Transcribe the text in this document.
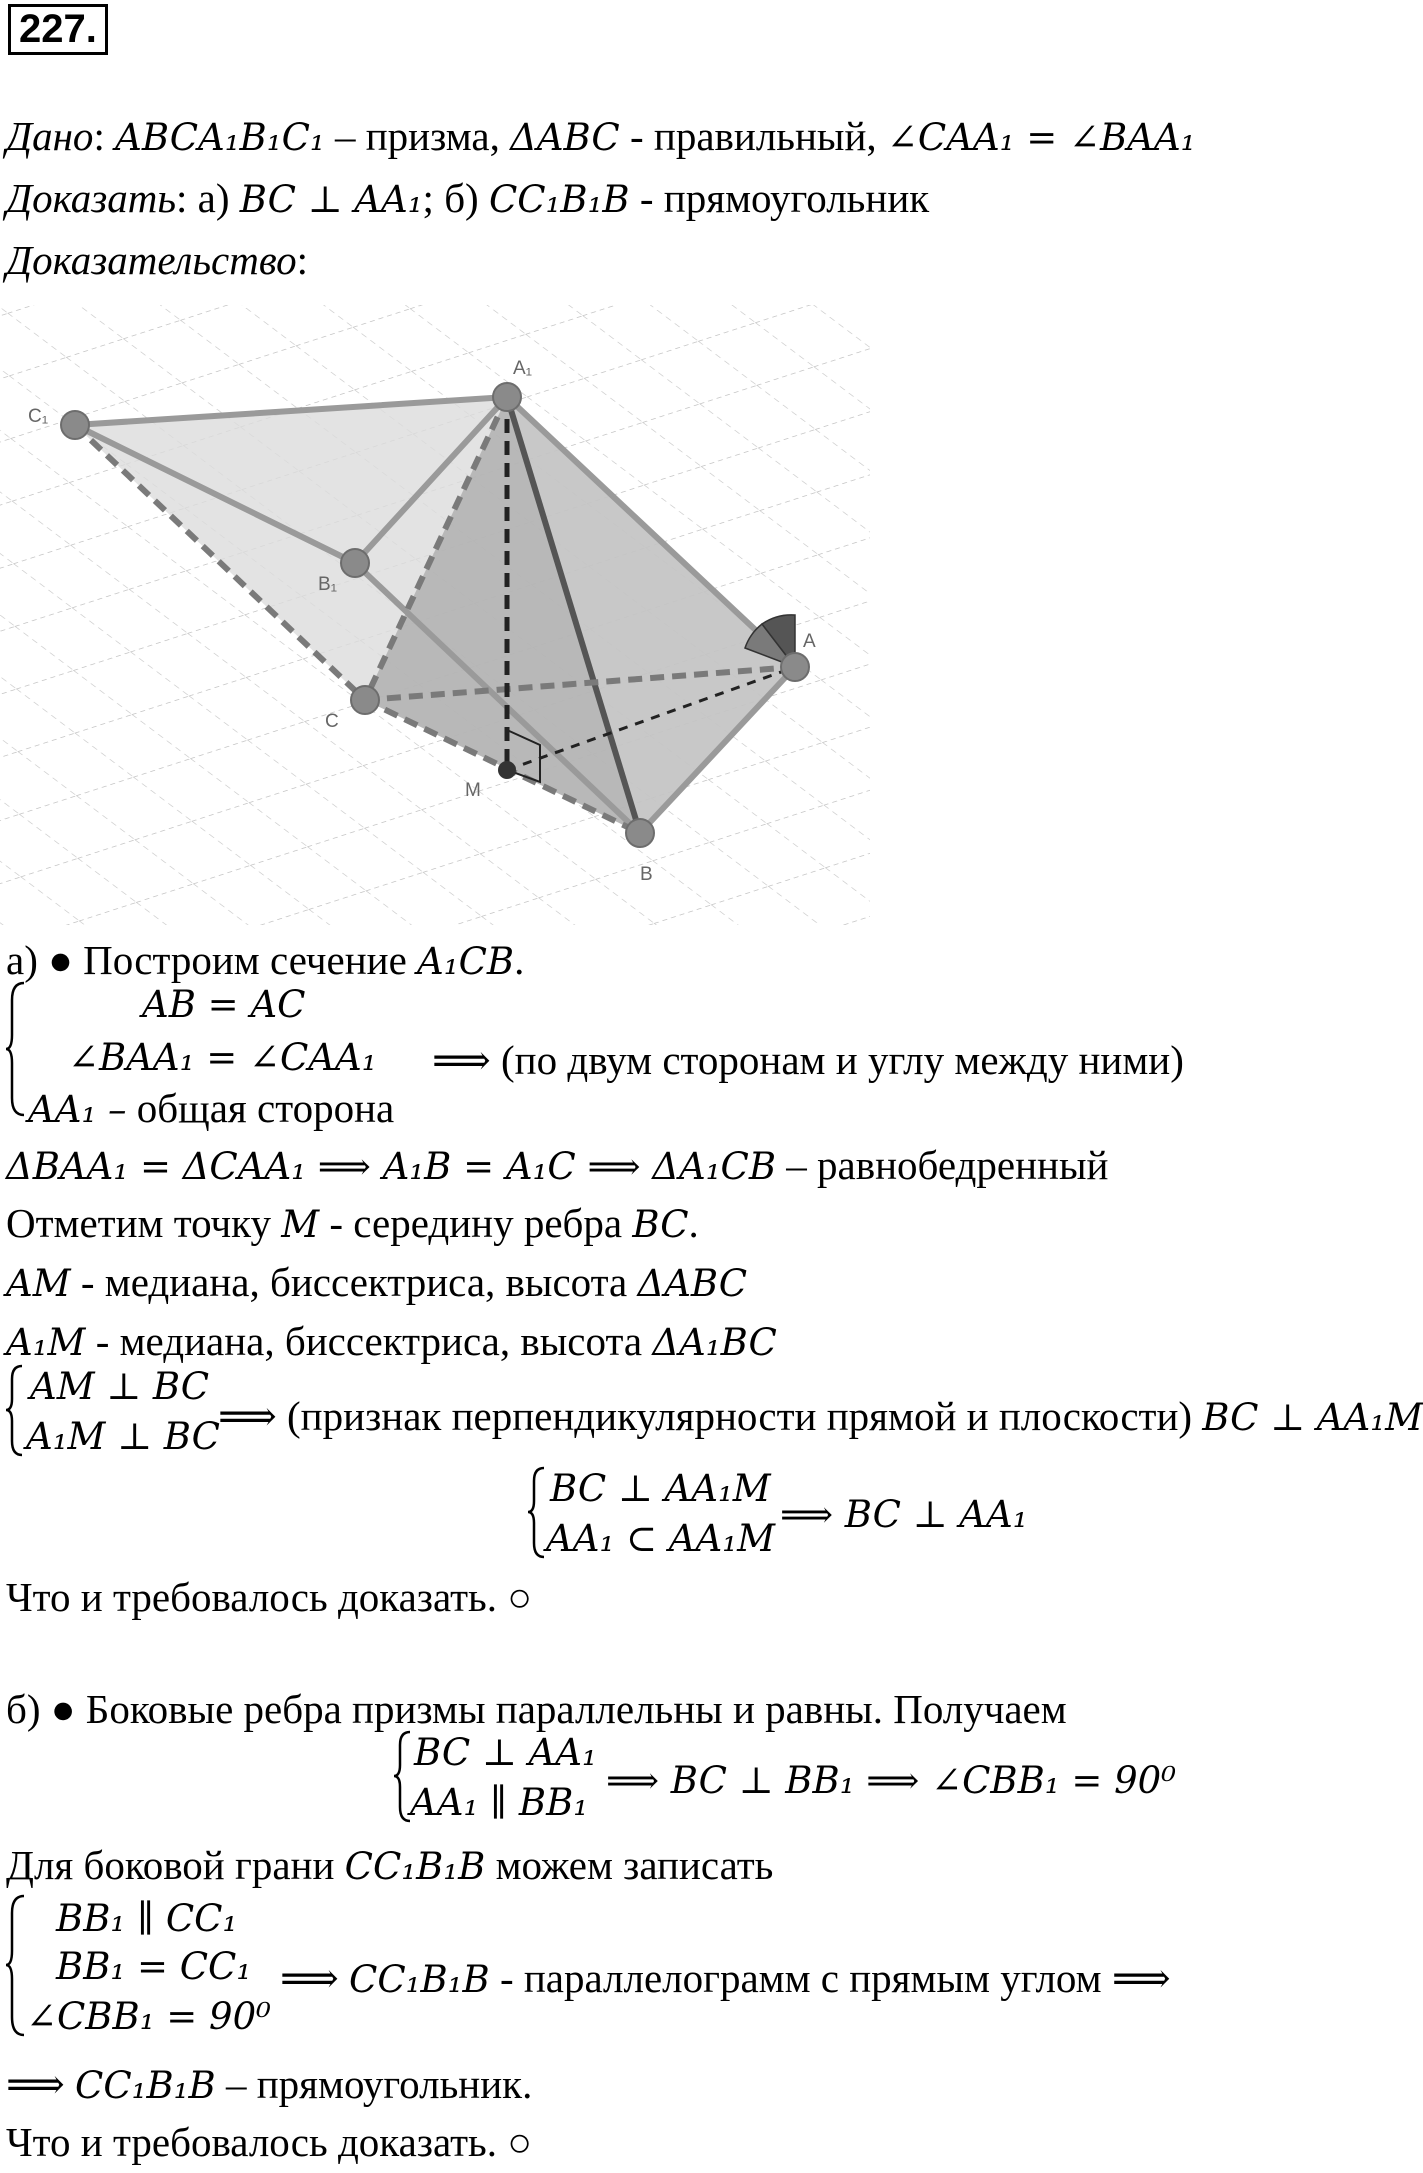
227.
Дано: ABCA₁B₁C₁ – призма, ΔABC - правильный, ∠CAA₁ = ∠BAA₁
Доказать: а) BC ⊥ AA₁; б) CC₁B₁B - прямоугольник
Доказательство:
C₁
A₁
B₁
A
C
M
B
а) ● Построим сечение A₁CB.
AB = AC
∠BAA₁ = ∠CAA₁
AA₁ – общая сторона
⟹ (по двум сторонам и углу между ними)
ΔBAA₁ = ΔCAA₁ ⟹ A₁B = A₁C ⟹ ΔA₁CB – равнобедренный
Отметим точку M - середину ребра BC.
AM - медиана, биссектриса, высота ΔABC
A₁M - медиана, биссектриса, высота ΔA₁BC
AM ⊥ BC
A₁M ⊥ BC
⟹ (признак перпендикулярности прямой и плоскости) BC ⊥ AA₁M
BC ⊥ AA₁M
AA₁ ⊂ AA₁M
⟹ BC ⊥ AA₁
Что и требовалось доказать. ○
б) ● Боковые ребра призмы параллельны и равны. Получаем
BC ⊥ AA₁
AA₁ ∥ BB₁
⟹ BC ⊥ BB₁ ⟹ ∠CBB₁ = 90⁰
Для боковой грани CC₁B₁B можем записать
BB₁ ∥ CC₁
BB₁ = CC₁
∠CBB₁ = 90⁰
⟹ CC₁B₁B - параллелограмм с прямым углом ⟹
⟹ CC₁B₁B – прямоугольник.
Что и требовалось доказать. ○
